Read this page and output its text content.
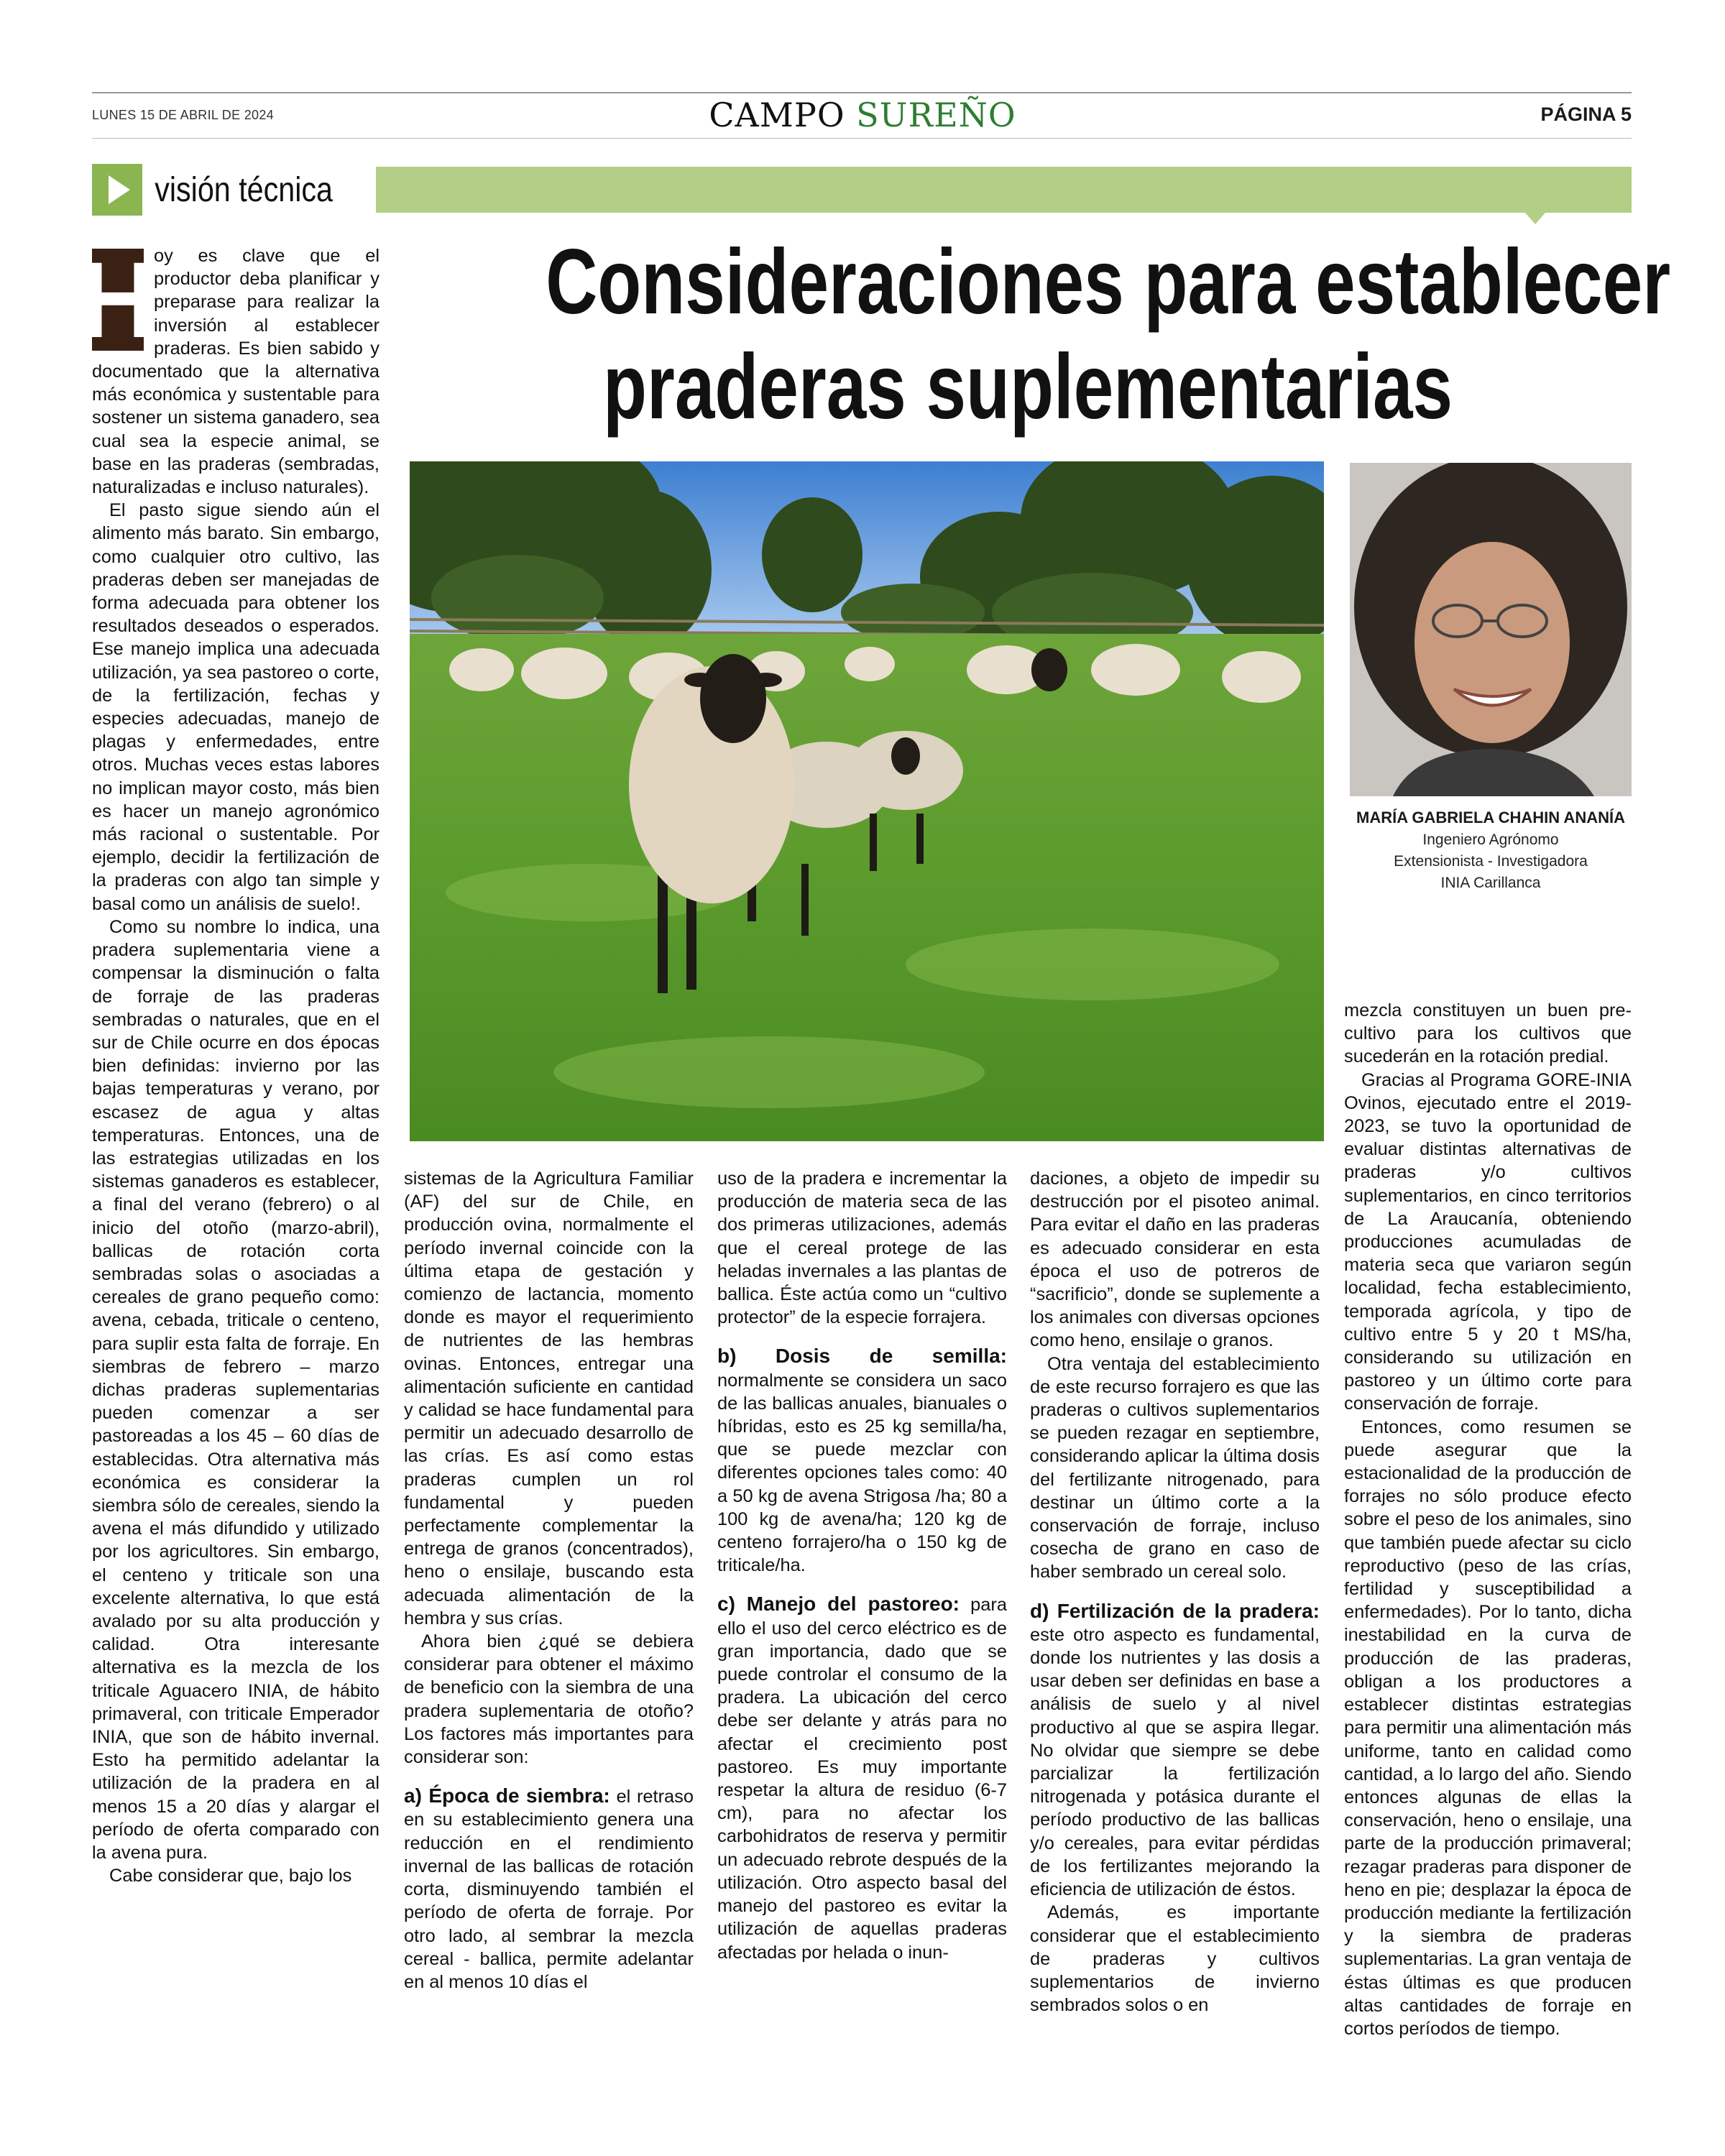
LUNES 15 DE ABRIL DE 2024	CAMPO SUREÑO	PÁGINA 5
visión técnica
Consideraciones para establecer
praderas suplementarias
MARÍA GABRIELA CHAHIN ANANÍA
Ingeniero Agrónomo
Extensionista - Investigadora
INIA Carillanca
H

oy es clave que el productor deba planificar y preparase para realizar la inversión al establecer praderas. Es bien sabido y documentado que la alternativa más económica y sustentable para sostener un sistema ganadero, sea cual sea la especie animal, se base en las praderas (sembradas, naturalizadas e incluso naturales).

El pasto sigue siendo aún el alimento más barato. Sin embargo, como cualquier otro cultivo, las praderas deben ser manejadas de forma adecuada para obtener los resultados deseados o esperados. Ese manejo implica una adecuada utilización, ya sea pastoreo o corte, de la fertilización, fechas y especies adecuadas, manejo de plagas y enfermedades, entre otros. Muchas veces estas labores no implican mayor costo, más bien es hacer un manejo agronómico más racional o sustentable. Por ejemplo, decidir la fertilización de la praderas con algo tan simple y basal como un análisis de suelo!.

Como su nombre lo indica, una pradera suplementaria viene a compensar la disminución o falta de forraje de las praderas sembradas o naturales, que en el sur de Chile ocurre en dos épocas bien definidas: invierno por las bajas temperaturas y verano, por escasez de agua y altas temperaturas. Entonces, una de las estrategias utilizadas en los sistemas ganaderos es establecer, a final del verano (febrero) o al inicio del otoño (marzo-abril), ballicas de rotación corta sembradas solas o asociadas a cereales de grano pequeño como: avena, cebada, triticale o centeno, para suplir esta falta de forraje. En siembras de febrero – marzo dichas praderas suplementarias pueden comenzar a ser pastoreadas a los 45 – 60 días de establecidas. Otra alternativa más económica es considerar la siembra sólo de cereales, siendo la avena el más difundido y utilizado por los agricultores. Sin embargo, el centeno y triticale son una excelente alternativa, lo que está avalado por su alta producción y calidad. Otra interesante alternativa es la mezcla de los triticale Aguacero INIA, de hábito primaveral, con triticale Emperador INIA, que son de hábito invernal. Esto ha permitido adelantar la utilización de la pradera en al menos 15 a 20 días y alargar el período de oferta comparado con la avena pura.

Cabe considerar que, bajo los

sistemas de la Agricultura Familiar (AF) del sur de Chile, en producción ovina, normalmente el período invernal coincide con la última etapa de gestación y comienzo de lactancia, momento donde es mayor el requerimiento de nutrientes de las hembras ovinas. Entonces, entregar una alimentación suficiente en cantidad y calidad se hace fundamental para permitir un adecuado desarrollo de las crías. Es así como estas praderas cumplen un rol fundamental y pueden perfectamente complementar la entrega de granos (concentrados), heno o ensilaje, buscando esta adecuada alimentación de la hembra y sus crías.

Ahora bien ¿qué se debiera considerar para obtener el máximo de beneficio con la siembra de una pradera suplementaria de otoño? Los factores más importantes para considerar son:

a) Época de siembra: el retraso en su establecimiento genera una reducción en el rendimiento invernal de las ballicas de rotación corta, disminuyendo también el período de oferta de forraje. Por otro lado, al sembrar la mezcla cereal - ballica, permite adelantar en al menos 10 días el

uso de la pradera e incrementar la producción de materia seca de las dos primeras utilizaciones, además que el cereal protege de las heladas invernales a las plantas de ballica. Éste actúa como un “cultivo protector” de la especie forrajera.

b) Dosis de semilla: normalmente se considera un saco de las ballicas anuales, bianuales o híbridas, esto es 25 kg semilla/ha, que se puede mezclar con diferentes opciones tales como: 40 a 50 kg de avena Strigosa /ha; 80 a 100 kg de avena/ha; 120 kg de centeno forrajero/ha o 150 kg de triticale/ha.

c) Manejo del pastoreo: para ello el uso del cerco eléctrico es de gran importancia, dado que se puede controlar el consumo de la pradera. La ubicación del cerco debe ser delante y atrás para no afectar el crecimiento post pastoreo. Es muy importante respetar la altura de residuo (6-7 cm), para no afectar los carbohidratos de reserva y permitir un adecuado rebrote después de la utilización. Otro aspecto basal del manejo del pastoreo es evitar la utilización de aquellas praderas afectadas por helada o inun-

daciones, a objeto de impedir su destrucción por el pisoteo animal. Para evitar el daño en las praderas es adecuado considerar en esta época el uso de potreros de “sacrificio”, donde se suplemente a los animales con diversas opciones como heno, ensilaje o granos.

Otra ventaja del establecimiento de este recurso forrajero es que las praderas o cultivos suplementarios se pueden rezagar en septiembre, considerando aplicar la última dosis del fertilizante nitrogenado, para destinar un último corte a la conservación de forraje, incluso cosecha de grano en caso de haber sembrado un cereal solo.

d) Fertilización de la pradera: este otro aspecto es fundamental, donde los nutrientes y las dosis a usar deben ser definidas en base a análisis de suelo y al nivel productivo al que se aspira llegar. No olvidar que siempre se debe parcializar la fertilización nitrogenada y potásica durante el período productivo de las ballicas y/o cereales, para evitar pérdidas de los fertilizantes mejorando la eficiencia de utilización de éstos.

Además, es importante considerar que el establecimiento de praderas y cultivos suplementarios de invierno sembrados solos o en

mezcla constituyen un buen pre-cultivo para los cultivos que sucederán en la rotación predial.

Gracias al Programa GORE-INIA Ovinos, ejecutado entre el 2019-2023, se tuvo la oportunidad de evaluar distintas alternativas de praderas y/o cultivos suplementarios, en cinco territorios de La Araucanía, obteniendo producciones acumuladas de materia seca que variaron según localidad, fecha establecimiento, temporada agrícola, y tipo de cultivo entre 5 y 20 t MS/ha, considerando su utilización en pastoreo y un último corte para conservación de forraje.

Entonces, como resumen se puede asegurar que la estacionalidad de la producción de forrajes no sólo produce efecto sobre el peso de los animales, sino que también puede afectar su ciclo reproductivo (peso de las crías, fertilidad y susceptibilidad a enfermedades). Por lo tanto, dicha inestabilidad en la curva de producción de las praderas, obligan a los productores a establecer distintas estrategias para permitir una alimentación más uniforme, tanto en calidad como cantidad, a lo largo del año. Siendo entonces algunas de ellas la conservación, heno o ensilaje, una parte de la producción primaveral; rezagar praderas para disponer de heno en pie; desplazar la época de producción mediante la fertilización y la siembra de praderas suplementarias. La gran ventaja de éstas últimas es que producen altas cantidades de forraje en cortos períodos de tiempo.
